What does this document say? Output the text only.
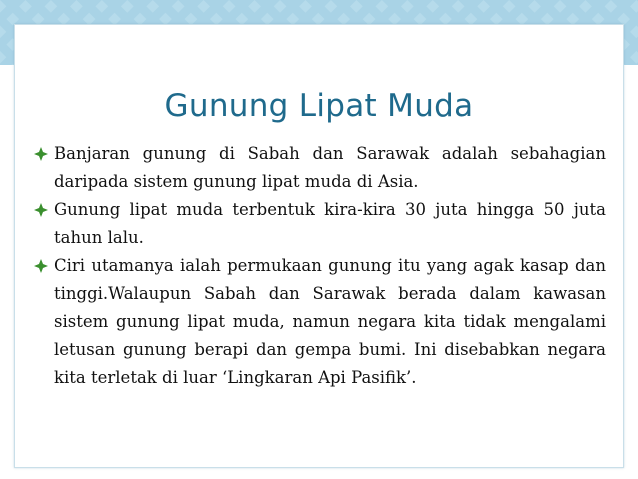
Gunung Lipat Muda
Banjaran gunung di Sabah dan Sarawak adalah sebahagian daripada sistem gunung lipat muda di Asia.
Gunung lipat muda terbentuk kira-kira 30 juta hingga 50 juta tahun lalu.
Ciri utamanya ialah permukaan gunung itu yang agak kasap dan tinggi.Walaupun Sabah dan Sarawak berada dalam kawasan sistem gunung lipat muda, namun negara kita tidak mengalami letusan gunung berapi dan gempa bumi. Ini disebabkan negara kita terletak di luar ‘Lingkaran Api Pasifik’.
